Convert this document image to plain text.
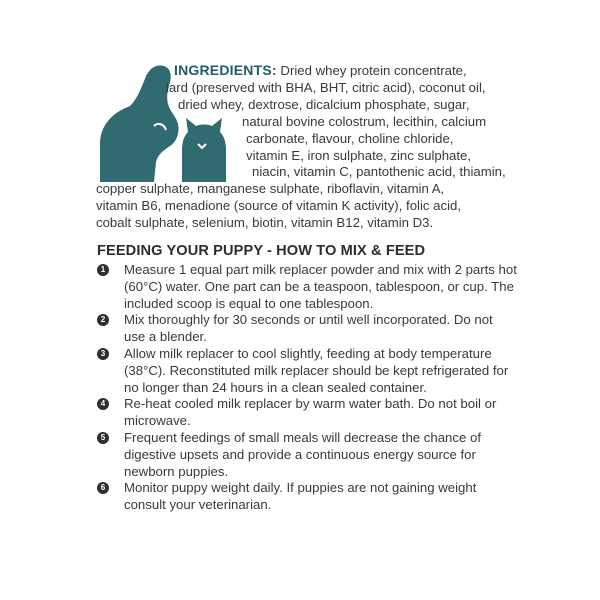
INGREDIENTS: Dried whey protein concentrate,
lard (preserved with BHA, BHT, citric acid), coconut oil,
dried whey, dextrose, dicalcium phosphate, sugar,
natural bovine colostrum, lecithin, calcium
carbonate, flavour, choline chloride,
vitamin E, iron sulphate, zinc sulphate,
niacin, vitamin C, pantothenic acid, thiamin,
copper sulphate, manganese sulphate, riboflavin, vitamin A,
vitamin B6, menadione (source of vitamin K activity), folic acid,
cobalt sulphate, selenium, biotin, vitamin B12, vitamin D3.
FEEDING YOUR PUPPY - HOW TO MIX & FEED
1 Measure 1 equal part milk replacer powder and mix with 2 parts hot (60°C) water. One part can be a teaspoon, tablespoon, or cup. The included scoop is equal to one tablespoon.
2 Mix thoroughly for 30 seconds or until well incorporated. Do not use a blender.
3 Allow milk replacer to cool slightly, feeding at body temperature (38°C). Reconstituted milk replacer should be kept refrigerated for no longer than 24 hours in a clean sealed container.
4 Re-heat cooled milk replacer by warm water bath. Do not boil or microwave.
5 Frequent feedings of small meals will decrease the chance of digestive upsets and provide a continuous energy source for newborn puppies.
6 Monitor puppy weight daily. If puppies are not gaining weight consult your veterinarian.
